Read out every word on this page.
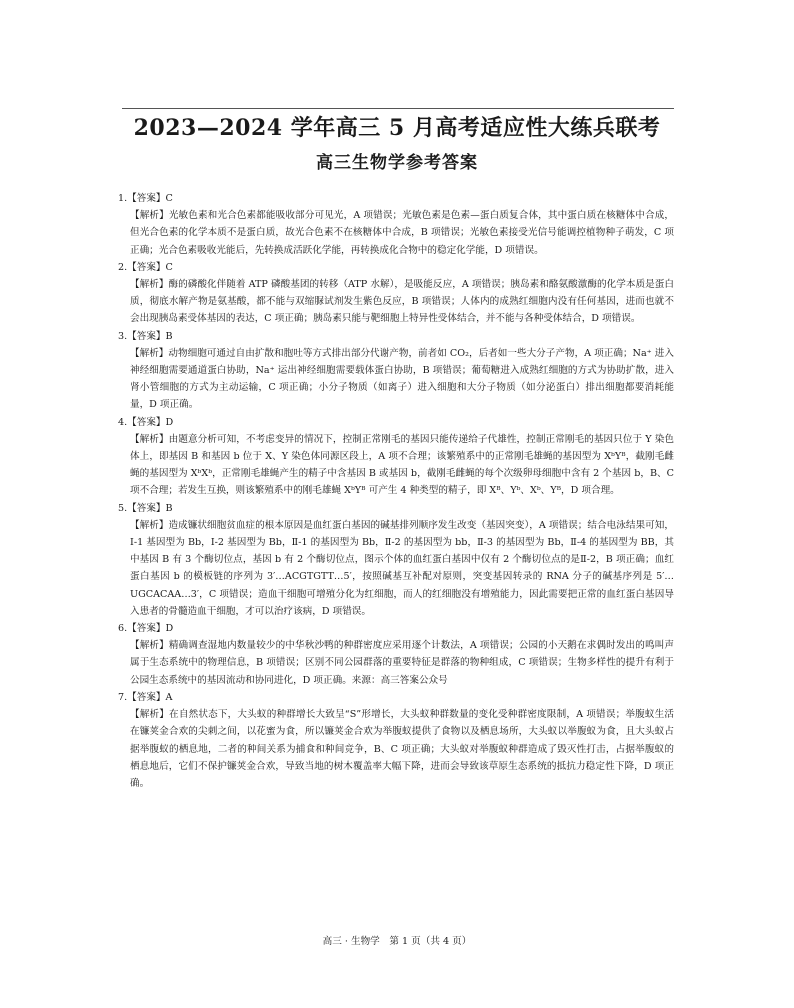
2023—2024 学年高三 5 月高考适应性大练兵联考
高三生物学参考答案

1.【答案】C

【解析】光敏色素和光合色素都能吸收部分可见光，A 项错误；光敏色素是色素—蛋白质复合体，其中蛋白质在核糖体中合成，但光合色素的化学本质不是蛋白质，故光合色素不在核糖体中合成，B 项错误；光敏色素接受光信号能调控植物种子萌发，C 项正确；光合色素吸收光能后，先转换成活跃化学能，再转换成化合物中的稳定化学能，D 项错误。

2.【答案】C

【解析】酶的磷酸化伴随着 ATP 磷酸基团的转移（ATP 水解），是吸能反应，A 项错误；胰岛素和酪氨酸激酶的化学本质是蛋白质，彻底水解产物是氨基酸，都不能与双缩脲试剂发生紫色反应，B 项错误；人体内的成熟红细胞内没有任何基因，进而也就不会出现胰岛素受体基因的表达，C 项正确；胰岛素只能与靶细胞上特异性受体结合，并不能与各种受体结合，D 项错误。

3.【答案】B

【解析】动物细胞可通过自由扩散和胞吐等方式排出部分代谢产物，前者如 CO₂，后者如一些大分子产物，A 项正确；Na⁺ 进入神经细胞需要通道蛋白协助，Na⁺ 运出神经细胞需要载体蛋白协助，B 项错误；葡萄糖进入成熟红细胞的方式为协助扩散，进入肾小管细胞的方式为主动运输，C 项正确；小分子物质（如离子）进入细胞和大分子物质（如分泌蛋白）排出细胞都要消耗能量，D 项正确。

4.【答案】D

【解析】由题意分析可知，不考虑变异的情况下，控制正常刚毛的基因只能传递给子代雄性，控制正常刚毛的基因只位于 Y 染色体上，即基因 B 和基因 b 位于 X、Y 染色体同源区段上，A 项不合理；该繁殖系中的正常刚毛雄蝇的基因型为 XᵇYᴮ，截刚毛雌蝇的基因型为 XᵇXᵇ，正常刚毛雄蝇产生的精子中含基因 B 或基因 b，截刚毛雌蝇的每个次级卵母细胞中含有 2 个基因 b，B、C 项不合理；若发生互换，则该繁殖系中的刚毛雄蝇 XᵇYᴮ 可产生 4 种类型的精子，即 Xᴮ、Yᵇ、Xᵇ、Yᴮ，D 项合理。

5.【答案】B

【解析】造成镰状细胞贫血症的根本原因是血红蛋白基因的碱基排列顺序发生改变（基因突变），A 项错误；结合电泳结果可知，Ⅰ-1 基因型为 Bb，Ⅰ-2 基因型为 Bb，Ⅱ-1 的基因型为 Bb，Ⅱ-2 的基因型为 bb，Ⅱ-3 的基因型为 Bb，Ⅱ-4 的基因型为 BB，其中基因 B 有 3 个酶切位点，基因 b 有 2 个酶切位点，图示个体的血红蛋白基因中仅有 2 个酶切位点的是Ⅱ-2，B 项正确；血红蛋白基因 b 的模板链的序列为 3′…ACGTGTT…5′，按照碱基互补配对原则，突变基因转录的 RNA 分子的碱基序列是 5′…UGCACAA…3′，C 项错误；造血干细胞可增殖分化为红细胞，而人的红细胞没有增殖能力，因此需要把正常的血红蛋白基因导入患者的骨髓造血干细胞，才可以治疗该病，D 项错误。

6.【答案】D

【解析】精确调查湿地内数量较少的中华秋沙鸭的种群密度应采用逐个计数法，A 项错误；公园的小天鹅在求偶时发出的鸣叫声属于生态系统中的物理信息，B 项错误；区别不同公园群落的重要特征是群落的物种组成，C 项错误；生物多样性的提升有利于公园生态系统中的基因流动和协同进化，D 项正确。来源：高三答案公众号

7.【答案】A

【解析】在自然状态下，大头蚁的种群增长大致呈“S”形增长，大头蚁种群数量的变化受种群密度限制，A 项错误；举腹蚁生活在镰荚金合欢的尖刺之间，以花蜜为食，所以镰荚金合欢为举腹蚁提供了食物以及栖息场所，大头蚁以举腹蚁为食，且大头蚁占据举腹蚁的栖息地，二者的种间关系为捕食和种间竞争，B、C 项正确；大头蚁对举腹蚁种群造成了毁灭性打击，占据举腹蚁的栖息地后，它们不保护镰荚金合欢，导致当地的树木覆盖率大幅下降，进而会导致该草原生态系统的抵抗力稳定性下降，D 项正确。

高三 · 生物学　第 1 页（共 4 页）
